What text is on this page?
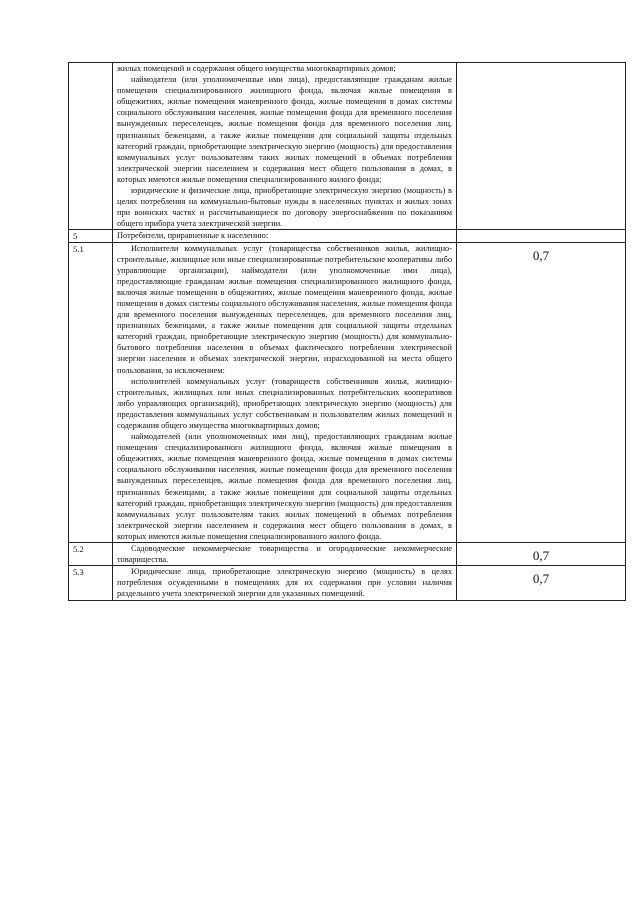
	жилых помещений и содержания общего имущества многоквартирных домов;

наймодатели (или уполномоченные ими лица), предоставляющие гражданам жилые помещения специализированного жилищного фонда, включая жилые помещения в общежитиях, жилые помещения маневренного фонда, жилые помещения в домах системы социального обслуживания населения, жилые помещения фонда для временного поселения вынужденных переселенцев, жилые помещения фонда для временного поселения лиц, признанных беженцами, а также жилые помещения для социальной защиты отдельных категорий граждан, приобретающие электрическую энергию (мощность) для предоставления коммунальных услуг пользователям таких жилых помещений в объемах потребления электрической энергии населением и содержания мест общего пользования в домах, в которых имеются жилые помещения специализированного жилого фонда;

юридические и физические лица, приобретающие электрическую энергию (мощность) в целях потребления на коммунально-бытовые нужды в населенных пунктах и жилых зонах при воинских частях и рассчитывающиеся по договору энергоснабжения по показаниям общего прибора учета электрической энергии.	

5	Потребители, приравненные к населению:	

5.1	Исполнители коммунальных услуг (товарищества собственников жилья, жилищно-строительные, жилищные или иные специализированные потребительские кооперативы либо управляющие организации), наймодатели (или уполномоченные ими лица), предоставляющие гражданам жилые помещения специализированного жилищного фонда, включая жилые помещения в общежитиях, жилые помещения маневренного фонда, жилые помещения в домах системы социального обслуживания населения, жилые помещения фонда для временного поселения вынужденных переселенцев, для временного поселения лиц, признанных беженцами, а также жилые помещения для социальной защиты отдельных категорий граждан, приобретающие электрическую энергию (мощность) для коммунально-бытового потребления населения в объемах фактического потребления электрической энергии населения и объемах электрической энергии, израсходованной на места общего пользования, за исключением:

исполнителей коммунальных услуг (товариществ собственников жилья, жилищно-строительных, жилищных или иных специализированных потребительских кооперативов либо управляющих организаций), приобретающих электрическую энергию (мощность) для предоставления коммунальных услуг собственникам и пользователям жилых помещений и содержания общего имущества многоквартирных домов;

наймодателей (или уполномоченных ими лиц), предоставляющих гражданам жилые помещения специализированного жилищного фонда, включая жилые помещения в общежитиях, жилые помещения маневренного фонда, жилые помещения в домах системы социального обслуживания населения, жилые помещения фонда для временного поселения вынужденных переселенцев, жилые помещения фонда для временного поселения лиц, признанных беженцами, а также жилые помещения для социальной защиты отдельных категорий граждан, приобретающих электрическую энергию (мощность) для предоставления коммунальных услуг пользователям таких жилых помещений в объемах потребления электрической энергии населением и содержания мест общего пользования в домах, в которых имеются жилые помещения специализированного жилого фонда.	0,7
5.2	Садоводческие некоммерческие товарищества и огороднические некоммерческие товарищества.	0,7
5.3	Юридические лица, приобретающие электрическую энергию (мощность) в целях потребления осужденными в помещениях для их содержания при условии наличия раздельного учета электрической энергии для указанных помещений.	0,7
